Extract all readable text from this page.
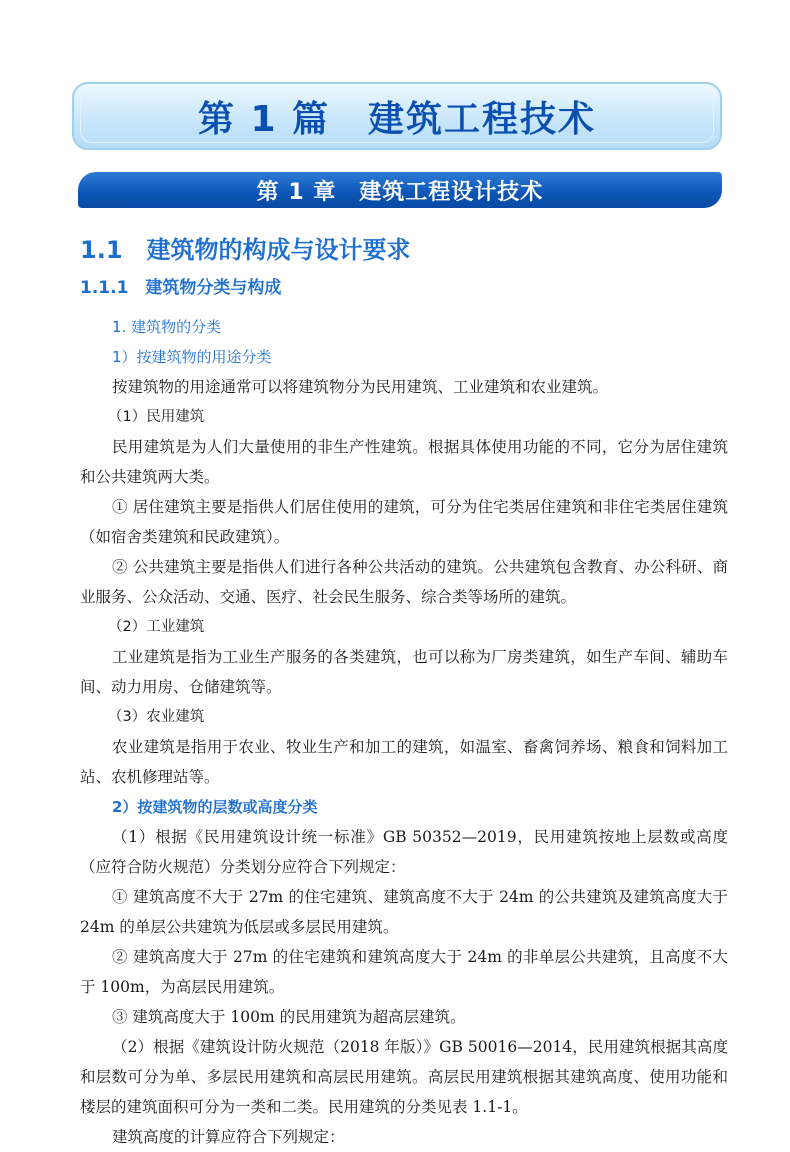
第 1 篇　建筑工程技术
第 1 章　建筑工程设计技术
1.1　建筑物的构成与设计要求
1.1.1　建筑物分类与构成

1. 建筑物的分类

1）按建筑物的用途分类

按建筑物的用途通常可以将建筑物分为民用建筑、工业建筑和农业建筑。

（1）民用建筑

民用建筑是为人们大量使用的非生产性建筑。根据具体使用功能的不同，它分为居住建筑和公共建筑两大类。

① 居住建筑主要是指供人们居住使用的建筑，可分为住宅类居住建筑和非住宅类居住建筑（如宿舍类建筑和民政建筑）。

② 公共建筑主要是指供人们进行各种公共活动的建筑。公共建筑包含教育、办公科研、商业服务、公众活动、交通、医疗、社会民生服务、综合类等场所的建筑。

（2）工业建筑

工业建筑是指为工业生产服务的各类建筑，也可以称为厂房类建筑，如生产车间、辅助车间、动力用房、仓储建筑等。

（3）农业建筑

农业建筑是指用于农业、牧业生产和加工的建筑，如温室、畜禽饲养场、粮食和饲料加工站、农机修理站等。

2）按建筑物的层数或高度分类

（1）根据《民用建筑设计统一标准》GB 50352—2019，民用建筑按地上层数或高度（应符合防火规范）分类划分应符合下列规定：

① 建筑高度不大于 27m 的住宅建筑、建筑高度不大于 24m 的公共建筑及建筑高度大于 24m 的单层公共建筑为低层或多层民用建筑。

② 建筑高度大于 27m 的住宅建筑和建筑高度大于 24m 的非单层公共建筑，且高度不大于 100m，为高层民用建筑。

③ 建筑高度大于 100m 的民用建筑为超高层建筑。

（2）根据《建筑设计防火规范（2018 年版）》GB 50016—2014，民用建筑根据其高度和层数可分为单、多层民用建筑和高层民用建筑。高层民用建筑根据其建筑高度、使用功能和楼层的建筑面积可分为一类和二类。民用建筑的分类见表 1.1-1。

建筑高度的计算应符合下列规定：
